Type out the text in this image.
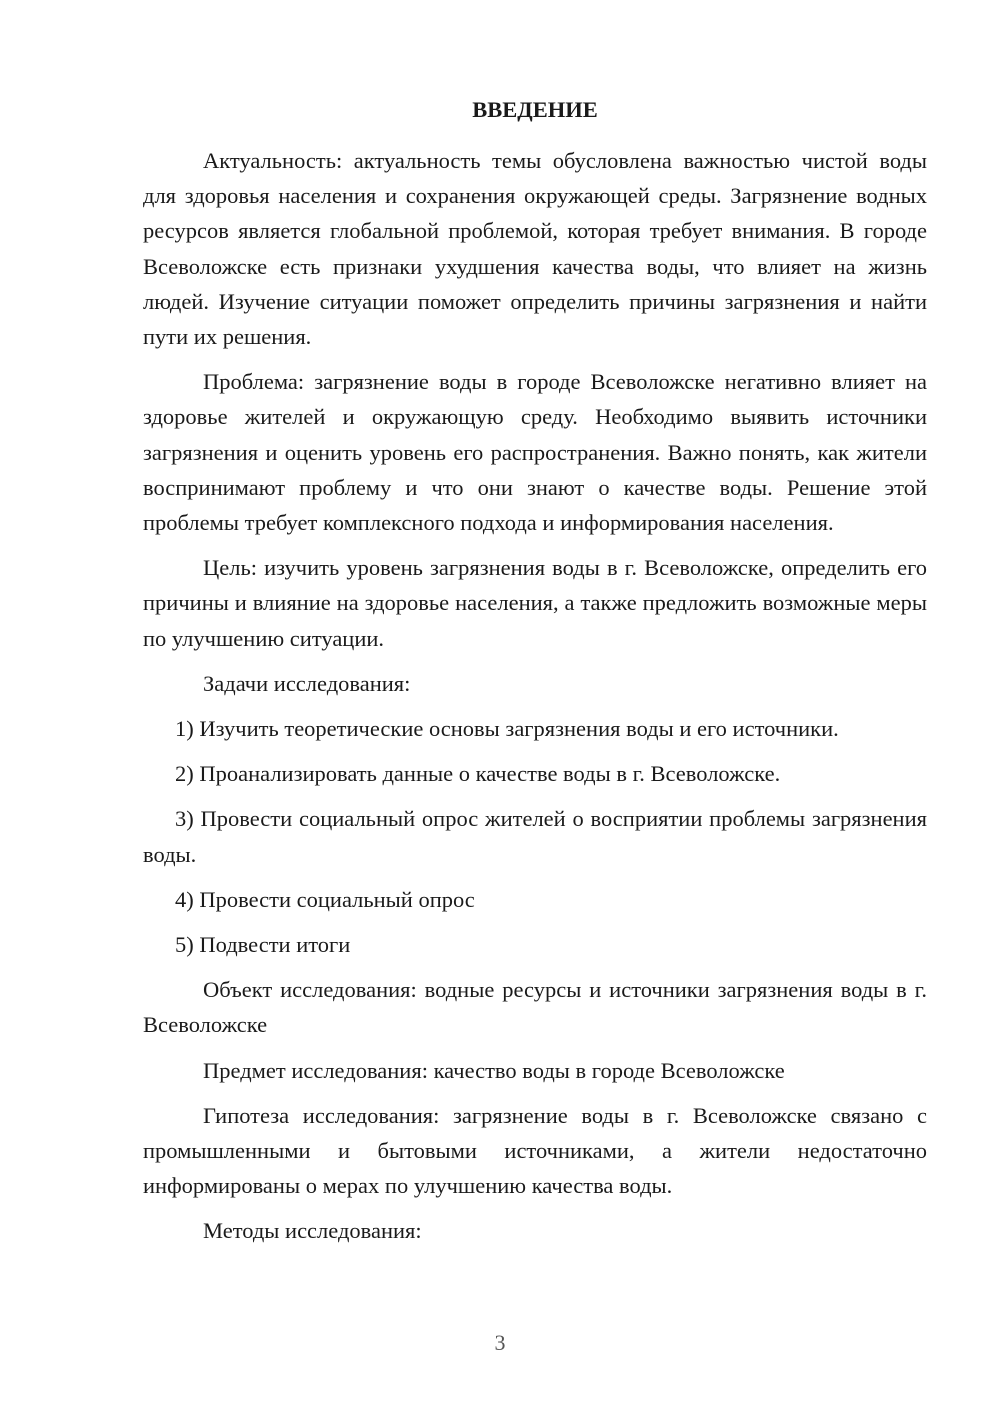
ВВЕДЕНИЕ

Актуальность: актуальность темы обусловлена важностью чистой воды для здоровья населения и сохранения окружающей среды. Загрязнение водных ресурсов является глобальной проблемой, которая требует внимания. В городе Всеволожске есть признаки ухудшения качества воды, что влияет на жизнь людей. Изучение ситуации поможет определить причины загрязнения и найти пути их решения.

Проблема: загрязнение воды в городе Всеволожске негативно влияет на здоровье жителей и окружающую среду. Необходимо выявить источники загрязнения и оценить уровень его распространения. Важно понять, как жители воспринимают проблему и что они знают о качестве воды. Решение этой проблемы требует комплексного подхода и информирования населения.

Цель: изучить уровень загрязнения воды в г. Всеволожске, определить его причины и влияние на здоровье населения, а также предложить возможные меры по улучшению ситуации.

Задачи исследования:

1) Изучить теоретические основы загрязнения воды и его источники.

2) Проанализировать данные о качестве воды в г. Всеволожске.

3) Провести социальный опрос жителей о восприятии проблемы загрязнения воды.

4) Провести социальный опрос

5) Подвести итоги

Объект исследования: водные ресурсы и источники загрязнения воды в г. Всеволожске

Предмет исследования: качество воды в городе Всеволожске

Гипотеза исследования: загрязнение воды в г. Всеволожске связано с промышленными и бытовыми источниками, а жители недостаточно информированы о мерах по улучшению качества воды.

Методы исследования:

3
